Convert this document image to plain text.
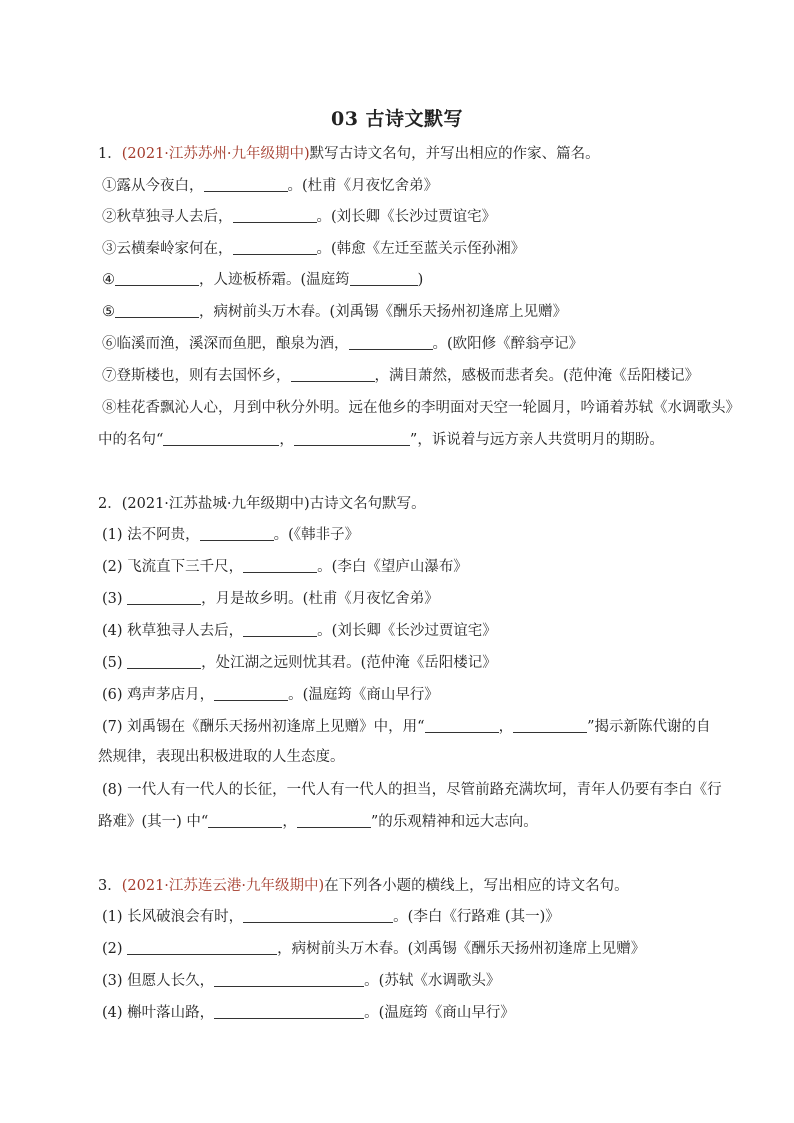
03 古诗文默写
1．(2021·江苏苏州·九年级期中)默写古诗文名句，并写出相应的作家、篇名。
①露从今夜白，	。(杜甫《月夜忆舍弟》
②秋草独寻人去后，	。(刘长卿《长沙过贾谊宅》
③云横秦岭家何在，	。(韩愈《左迁至蓝关示侄孙湘》
④	，人迹板桥霜。(温庭筠	)
⑤	，病树前头万木春。(刘禹锡《酬乐天扬州初逢席上见赠》
⑥临溪而渔，溪深而鱼肥，酿泉为酒，	。(欧阳修《醉翁亭记》
⑦登斯楼也，则有去国怀乡，	，满目萧然，感极而悲者矣。(范仲淹《岳阳楼记》
⑧桂花香飘沁人心，月到中秋分外明。远在他乡的李明面对天空一轮圆月，吟诵着苏轼《水调歌头》
中的名句“	，	”，诉说着与远方亲人共赏明月的期盼。
2．(2021·江苏盐城·九年级期中)古诗文名句默写。
(1) 法不阿贵，	。(《韩非子》
(2) 飞流直下三千尺，	。(李白《望庐山瀑布》
(3)	，月是故乡明。(杜甫《月夜忆舍弟》
(4) 秋草独寻人去后，	。(刘长卿《长沙过贾谊宅》
(5)	，处江湖之远则忧其君。(范仲淹《岳阳楼记》
(6) 鸡声茅店月，	。(温庭筠《商山早行》
(7) 刘禹锡在《酬乐天扬州初逢席上见赠》中，用“	，	”揭示新陈代谢的自
然规律，表现出积极进取的人生态度。
(8) 一代人有一代人的长征，一代人有一代人的担当，尽管前路充满坎坷，青年人仍要有李白《行
路难》(其一) 中“	，	”的乐观精神和远大志向。
3．(2021·江苏连云港·九年级期中)在下列各小题的横线上，写出相应的诗文名句。
(1) 长风破浪会有时，	。(李白《行路难 (其一)》
(2)	，病树前头万木春。(刘禹锡《酬乐天扬州初逢席上见赠》
(3) 但愿人长久，	。(苏轼《水调歌头》
(4) 槲叶落山路，	。(温庭筠《商山早行》
